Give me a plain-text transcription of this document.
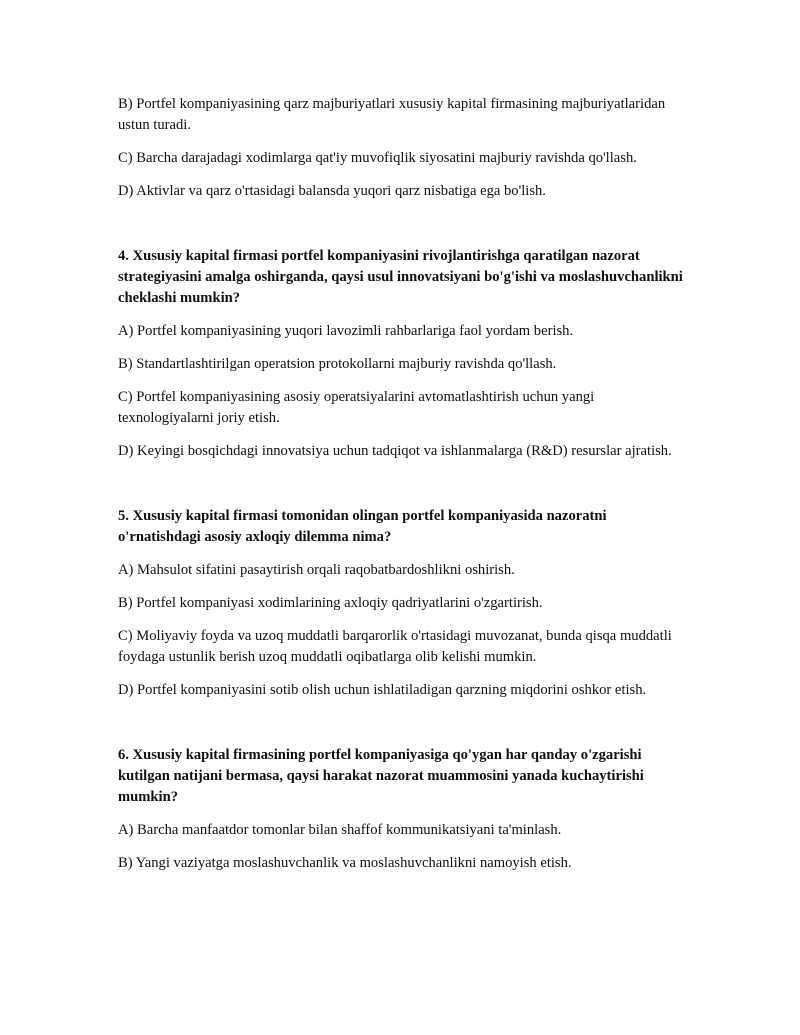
B) Portfel kompaniyasining qarz majburiyatlari xususiy kapital firmasining majburiyatlaridan ustun turadi.

C) Barcha darajadagi xodimlarga qat'iy muvofiqlik siyosatini majburiy ravishda qo'llash.

D) Aktivlar va qarz o'rtasidagi balansda yuqori qarz nisbatiga ega bo'lish.

4. Xususiy kapital firmasi portfel kompaniyasini rivojlantirishga qaratilgan nazorat strategiyasini amalga oshirganda, qaysi usul innovatsiyani bo'g'ishi va moslashuvchanlikni cheklashi mumkin?

A) Portfel kompaniyasining yuqori lavozimli rahbarlariga faol yordam berish.

B) Standartlashtirilgan operatsion protokollarni majburiy ravishda qo'llash.

C) Portfel kompaniyasining asosiy operatsiyalarini avtomatlashtirish uchun yangi texnologiyalarni joriy etish.

D) Keyingi bosqichdagi innovatsiya uchun tadqiqot va ishlanmalarga (R&D) resurslar ajratish.

5. Xususiy kapital firmasi tomonidan olingan portfel kompaniyasida nazoratni o'rnatishdagi asosiy axloqiy dilemma nima?

A) Mahsulot sifatini pasaytirish orqali raqobatbardoshlikni oshirish.

B) Portfel kompaniyasi xodimlarining axloqiy qadriyatlarini o'zgartirish.

C) Moliyaviy foyda va uzoq muddatli barqarorlik o'rtasidagi muvozanat, bunda qisqa muddatli foydaga ustunlik berish uzoq muddatli oqibatlarga olib kelishi mumkin.

D) Portfel kompaniyasini sotib olish uchun ishlatiladigan qarzning miqdorini oshkor etish.

6. Xususiy kapital firmasining portfel kompaniyasiga qo'ygan har qanday o'zgarishi kutilgan natijani bermasa, qaysi harakat nazorat muammosini yanada kuchaytirishi mumkin?

A) Barcha manfaatdor tomonlar bilan shaffof kommunikatsiyani ta'minlash.

B) Yangi vaziyatga moslashuvchanlik va moslashuvchanlikni namoyish etish.
